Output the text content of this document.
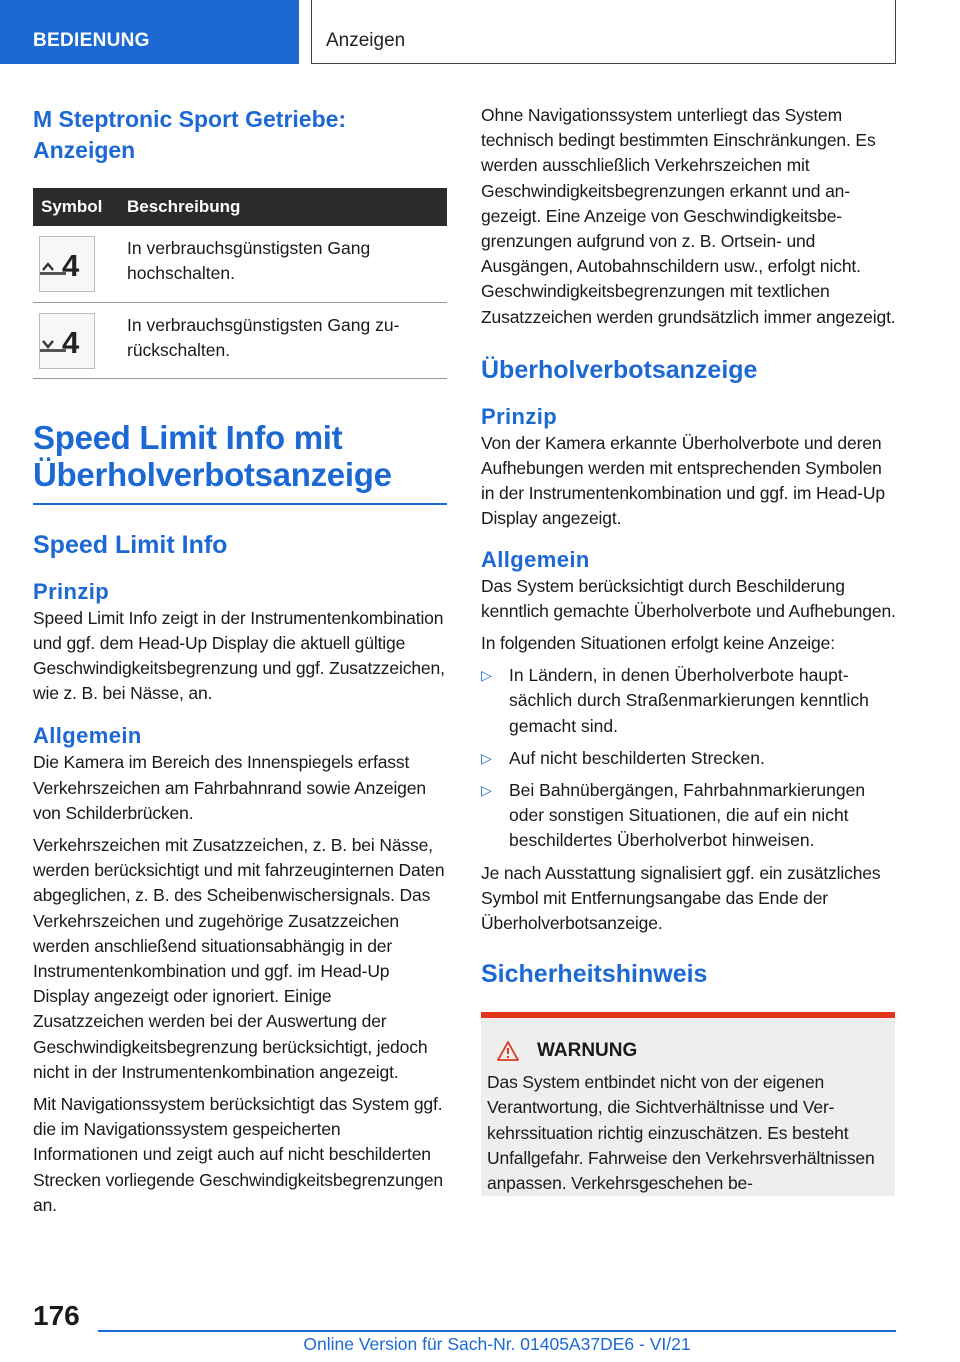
BEDIENUNG	Anzeigen
M Steptronic Sport Getriebe: Anzeigen
Symbol	Beschreibung

4	In verbrauchsgünstigsten Gang hochschalten.

4	In verbrauchsgünstigsten Gang zurückschalten.
Speed Limit Info mit Überholverbotsanzeige
Speed Limit Info
Prinzip

Speed Limit Info zeigt in der Instrumentenkombination und ggf. dem Head-Up Display die aktuell gültige Geschwindigkeitsbegrenzung und ggf. Zusatzzeichen, wie z. B. bei Nässe, an.

Allgemein

Die Kamera im Bereich des Innenspiegels erfasst Verkehrszeichen am Fahrbahnrand sowie Anzeigen von Schilderbrücken.

Verkehrszeichen mit Zusatzzeichen, z. B. bei Nässe, werden berücksichtigt und mit fahrzeuginternen Daten abgeglichen, z. B. des Scheibenwischersignals. Das Verkehrszeichen und zugehörige Zusatzzeichen werden anschließend situationsabhängig in der Instrumentenkombination und ggf. im Head-Up Display angezeigt oder ignoriert. Einige Zusatzzeichen werden bei der Auswertung der Geschwindigkeitsbegrenzung berücksichtigt, jedoch nicht in der Instrumentenkombination angezeigt.

Mit Navigationssystem berücksichtigt das System ggf. die im Navigationssystem gespeicherten Informationen und zeigt auch auf nicht beschilderten Strecken vorliegende Geschwindigkeitsbegrenzungen an.

Ohne Navigationssystem unterliegt das System technisch bedingt bestimmten Einschränkungen. Es werden ausschließlich Verkehrszeichen mit Geschwindigkeitsbegrenzungen erkannt und angezeigt. Eine Anzeige von Geschwindigkeitsbegrenzungen aufgrund von z. B. Ortsein- und Ausgängen, Autobahnschildern usw., erfolgt nicht. Geschwindigkeitsbegrenzungen mit textlichen Zusatzzeichen werden grundsätzlich immer angezeigt.

Überholverbotsanzeige
Prinzip

Von der Kamera erkannte Überholverbote und deren Aufhebungen werden mit entsprechenden Symbolen in der Instrumentenkombination und ggf. im Head-Up Display angezeigt.

Allgemein

Das System berücksichtigt durch Beschilderung kenntlich gemachte Überholverbote und Aufhebungen.

In folgenden Situationen erfolgt keine Anzeige:

▷ In Ländern, in denen Überholverbote hauptsächlich durch Straßenmarkierungen kenntlich gemacht sind.
▷ Auf nicht beschilderten Strecken.
▷ Bei Bahnübergängen, Fahrbahnmarkierungen oder sonstigen Situationen, die auf ein nicht beschildertes Überholverbot hinweisen.

Je nach Ausstattung signalisiert ggf. ein zusätzliches Symbol mit Entfernungsangabe das Ende der Überholverbotsanzeige.

Sicherheitshinweis
WARNUNG

Das System entbindet nicht von der eigenen Verantwortung, die Sichtverhältnisse und Verkehrssituation richtig einzuschätzen. Es besteht Unfallgefahr. Fahrweise den Verkehrsverhältnissen anpassen. Verkehrsgeschehen be-

176
Online Version für Sach-Nr. 01405A37DE6 - VI/21
